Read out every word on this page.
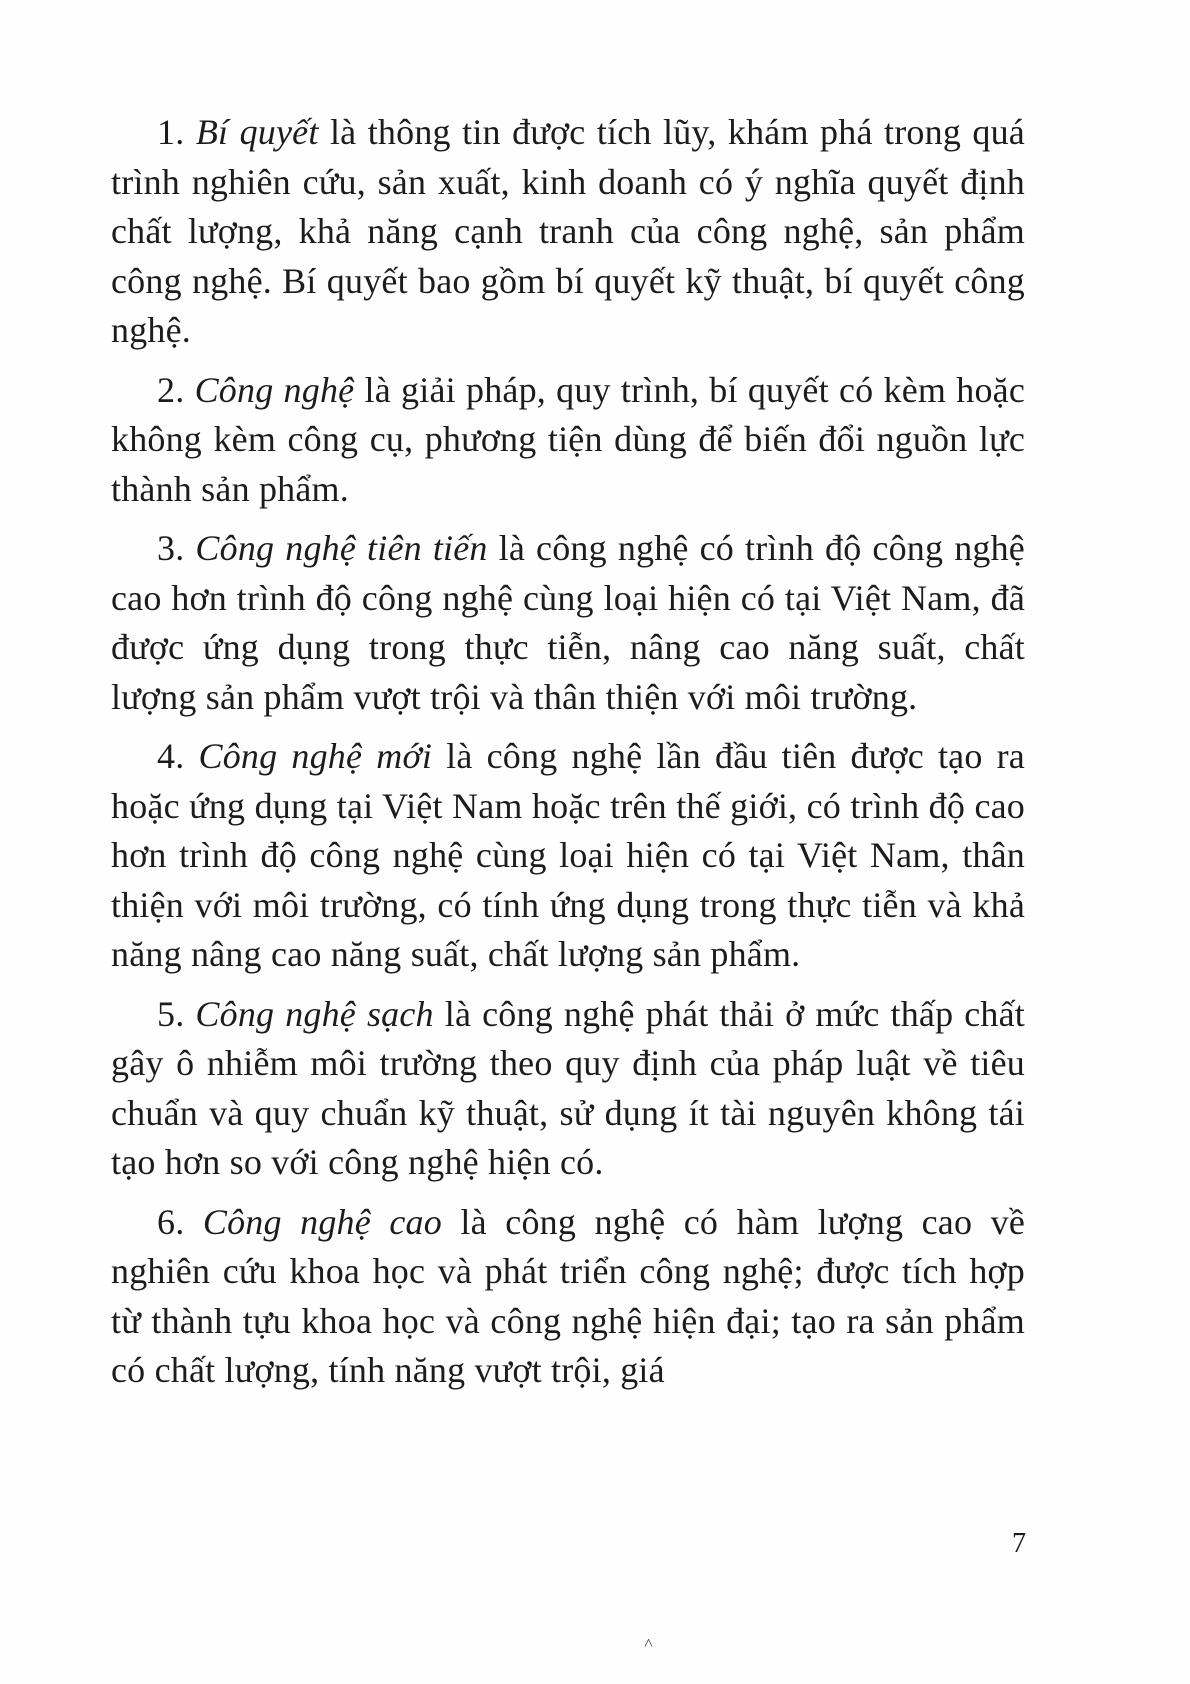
1. Bí quyết là thông tin được tích lũy, khám phá trong quá trình nghiên cứu, sản xuất, kinh doanh có ý nghĩa quyết định chất lượng, khả năng cạnh tranh của công nghệ, sản phẩm công nghệ. Bí quyết bao gồm bí quyết kỹ thuật, bí quyết công nghệ.

2. Công nghệ là giải pháp, quy trình, bí quyết có kèm hoặc không kèm công cụ, phương tiện dùng để biến đổi nguồn lực thành sản phẩm.

3. Công nghệ tiên tiến là công nghệ có trình độ công nghệ cao hơn trình độ công nghệ cùng loại hiện có tại Việt Nam, đã được ứng dụng trong thực tiễn, nâng cao năng suất, chất lượng sản phẩm vượt trội và thân thiện với môi trường.

4. Công nghệ mới là công nghệ lần đầu tiên được tạo ra hoặc ứng dụng tại Việt Nam hoặc trên thế giới, có trình độ cao hơn trình độ công nghệ cùng loại hiện có tại Việt Nam, thân thiện với môi trường, có tính ứng dụng trong thực tiễn và khả năng nâng cao năng suất, chất lượng sản phẩm.

5. Công nghệ sạch là công nghệ phát thải ở mức thấp chất gây ô nhiễm môi trường theo quy định của pháp luật về tiêu chuẩn và quy chuẩn kỹ thuật, sử dụng ít tài nguyên không tái tạo hơn so với công nghệ hiện có.

6. Công nghệ cao là công nghệ có hàm lượng cao về nghiên cứu khoa học và phát triển công nghệ; được tích hợp từ thành tựu khoa học và công nghệ hiện đại; tạo ra sản phẩm có chất lượng, tính năng vượt trội, giá

7
˄
